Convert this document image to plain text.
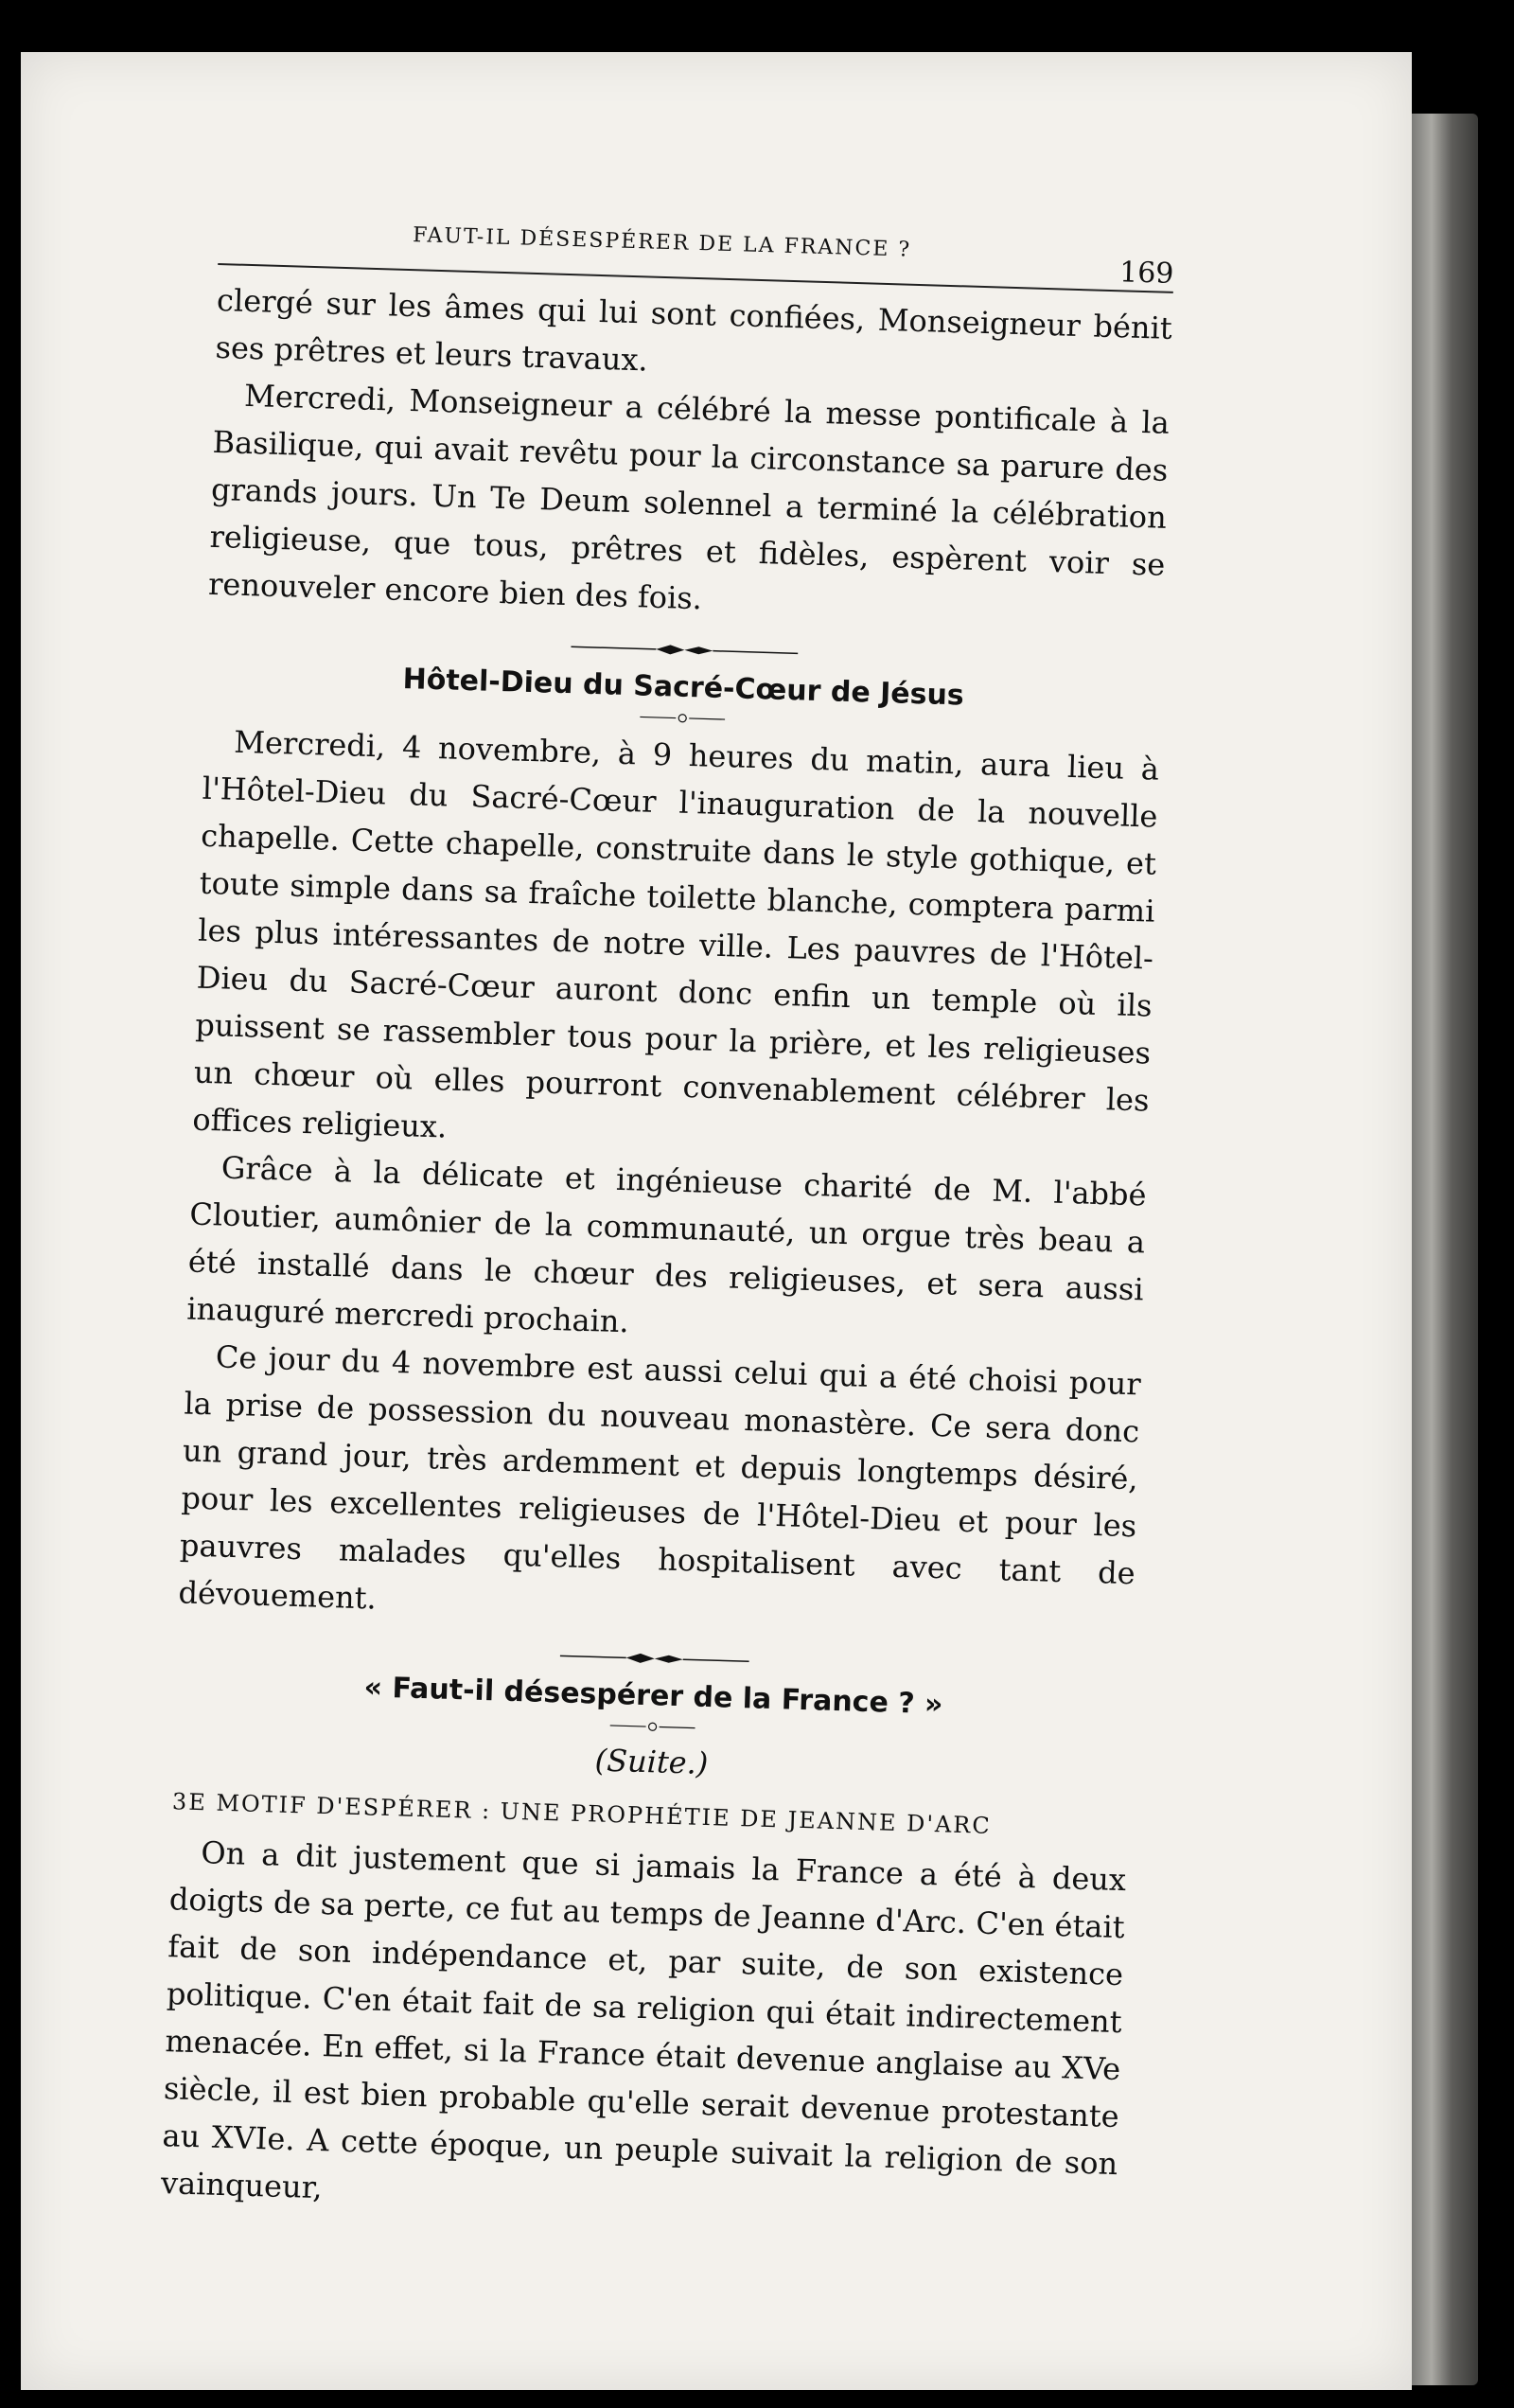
FAUT-IL DÉSESPÉRER DE LA FRANCE ?
169

clergé sur les âmes qui lui sont confiées, Monseigneur bénit ses prêtres et leurs travaux.

Mercredi, Monseigneur a célébré la messe pontificale à la Basilique, qui avait revêtu pour la circonstance sa parure des grands jours. Un Te Deum solennel a terminé la célébration religieuse, que tous, prêtres et fidèles, espèrent voir se renouveler encore bien des fois.

Hôtel-Dieu du Sacré-Cœur de Jésus

Mercredi, 4 novembre, à 9 heures du matin, aura lieu à l'Hôtel-Dieu du Sacré-Cœur l'inauguration de la nouvelle chapelle. Cette chapelle, construite dans le style gothique, et toute simple dans sa fraîche toilette blanche, comptera parmi les plus intéressantes de notre ville. Les pauvres de l'Hôtel-Dieu du Sacré-Cœur auront donc enfin un temple où ils puissent se rassembler tous pour la prière, et les religieuses un chœur où elles pourront convenablement célébrer les offices religieux.

Grâce à la délicate et ingénieuse charité de M. l'abbé Cloutier, aumônier de la communauté, un orgue très beau a été installé dans le chœur des religieuses, et sera aussi inauguré mercredi prochain.

Ce jour du 4 novembre est aussi celui qui a été choisi pour la prise de possession du nouveau monastère. Ce sera donc un grand jour, très ardemment et depuis longtemps désiré, pour les excellentes religieuses de l'Hôtel-Dieu et pour les pauvres malades qu'elles hospitalisent avec tant de dévouement.

« Faut-il désespérer de la France ? »
(Suite.)
3E MOTIF D'ESPÉRER : UNE PROPHÉTIE DE JEANNE D'ARC

On a dit justement que si jamais la France a été à deux doigts de sa perte, ce fut au temps de Jeanne d'Arc. C'en était fait de son indépendance et, par suite, de son existence politique. C'en était fait de sa religion qui était indirectement menacée. En effet, si la France était devenue anglaise au XVe siècle, il est bien probable qu'elle serait devenue protestante au XVIe. A cette époque, un peuple suivait la religion de son vainqueur,
